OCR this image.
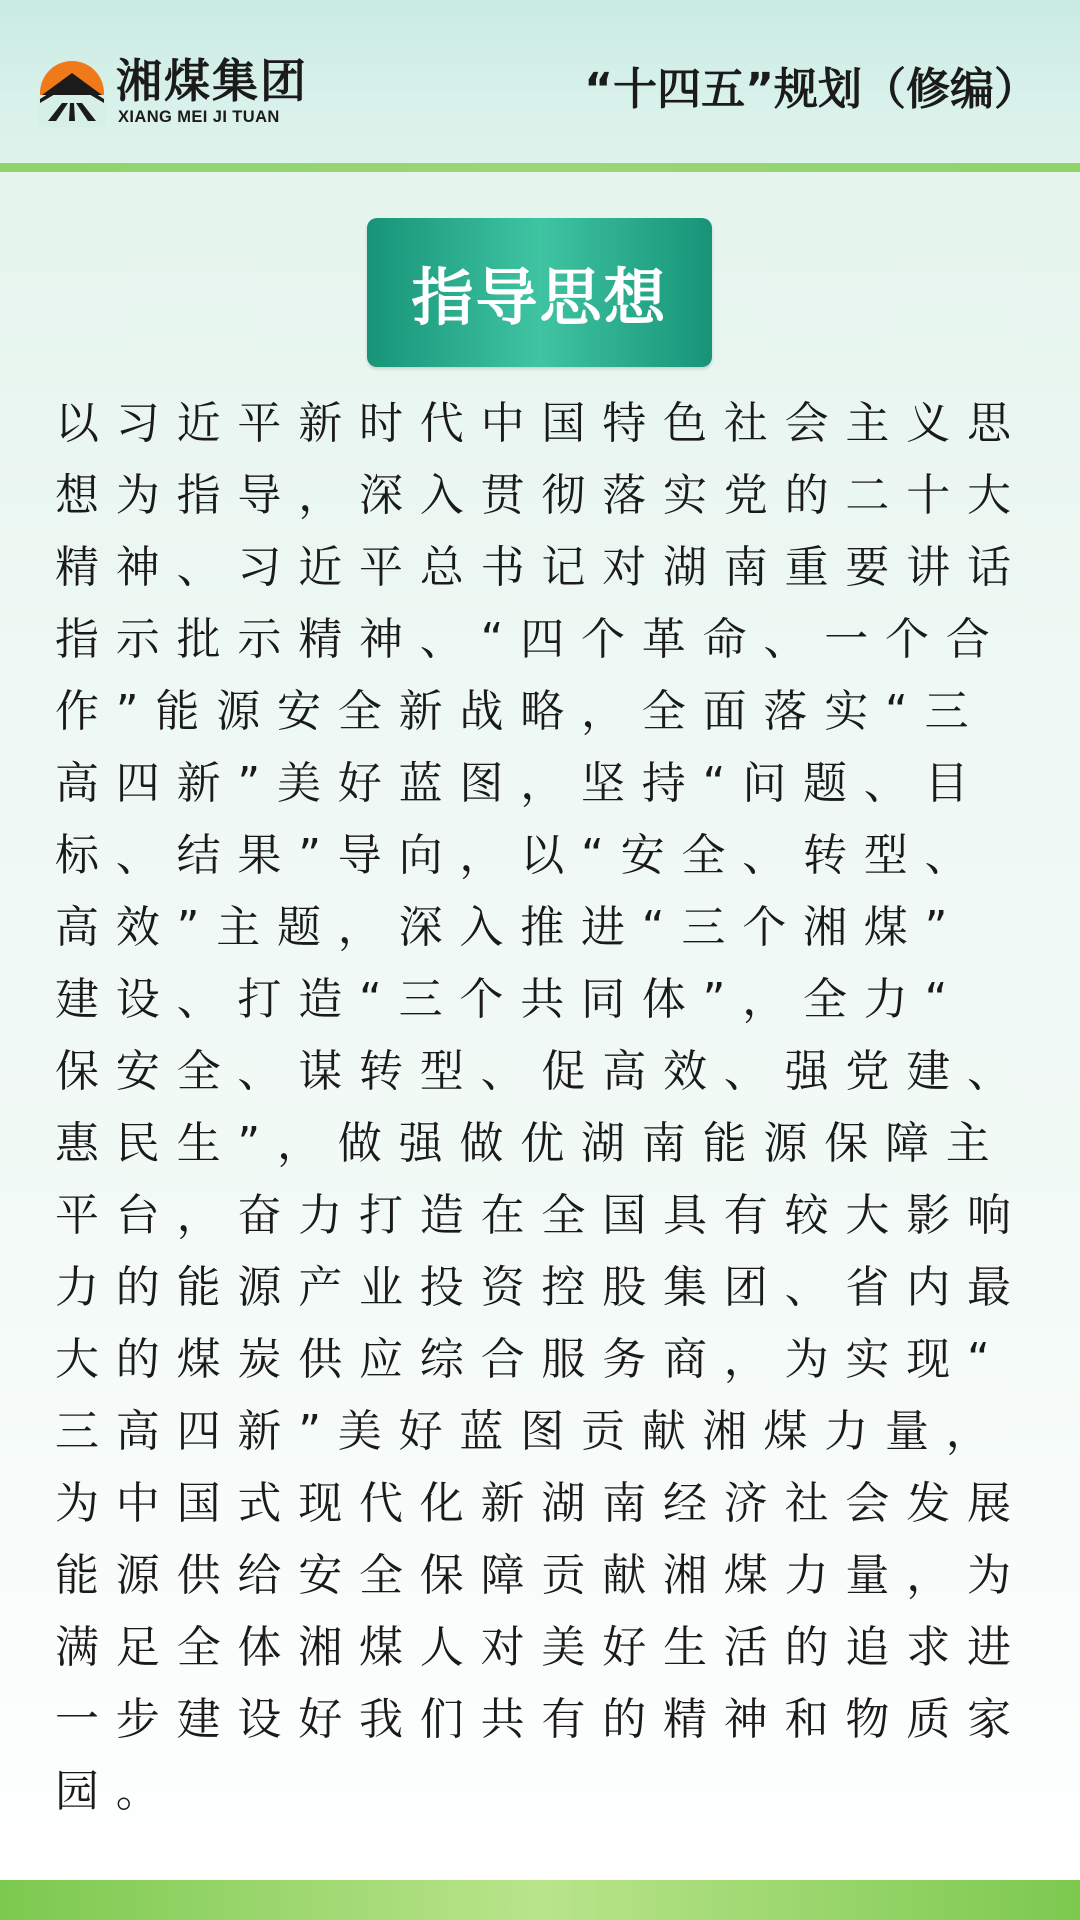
湘煤集团
XIANG MEI JI TUAN
“十四五”规划（修编）
指导思想
以习近平新时代中国特色社会主义思
想为指导，深入贯彻落实党的二十大
精神、习近平总书记对湖南重要讲话
指示批示精神、“四个革命、一个合
作”能源安全新战略，全面落实“三
高四新”美好蓝图，坚持“问题、目
标、结果”导向，以“安全、转型、
高效”主题，深入推进“三个湘煤”
建设、打造“三个共同体”，全力“
保安全、谋转型、促高效、强党建、
惠民生”，做强做优湖南能源保障主
平台，奋力打造在全国具有较大影响
力的能源产业投资控股集团、省内最
大的煤炭供应综合服务商，为实现“
三高四新”美好蓝图贡献湘煤力量，
为中国式现代化新湖南经济社会发展
能源供给安全保障贡献湘煤力量，为
满足全体湘煤人对美好生活的追求进
一步建设好我们共有的精神和物质家
园。
